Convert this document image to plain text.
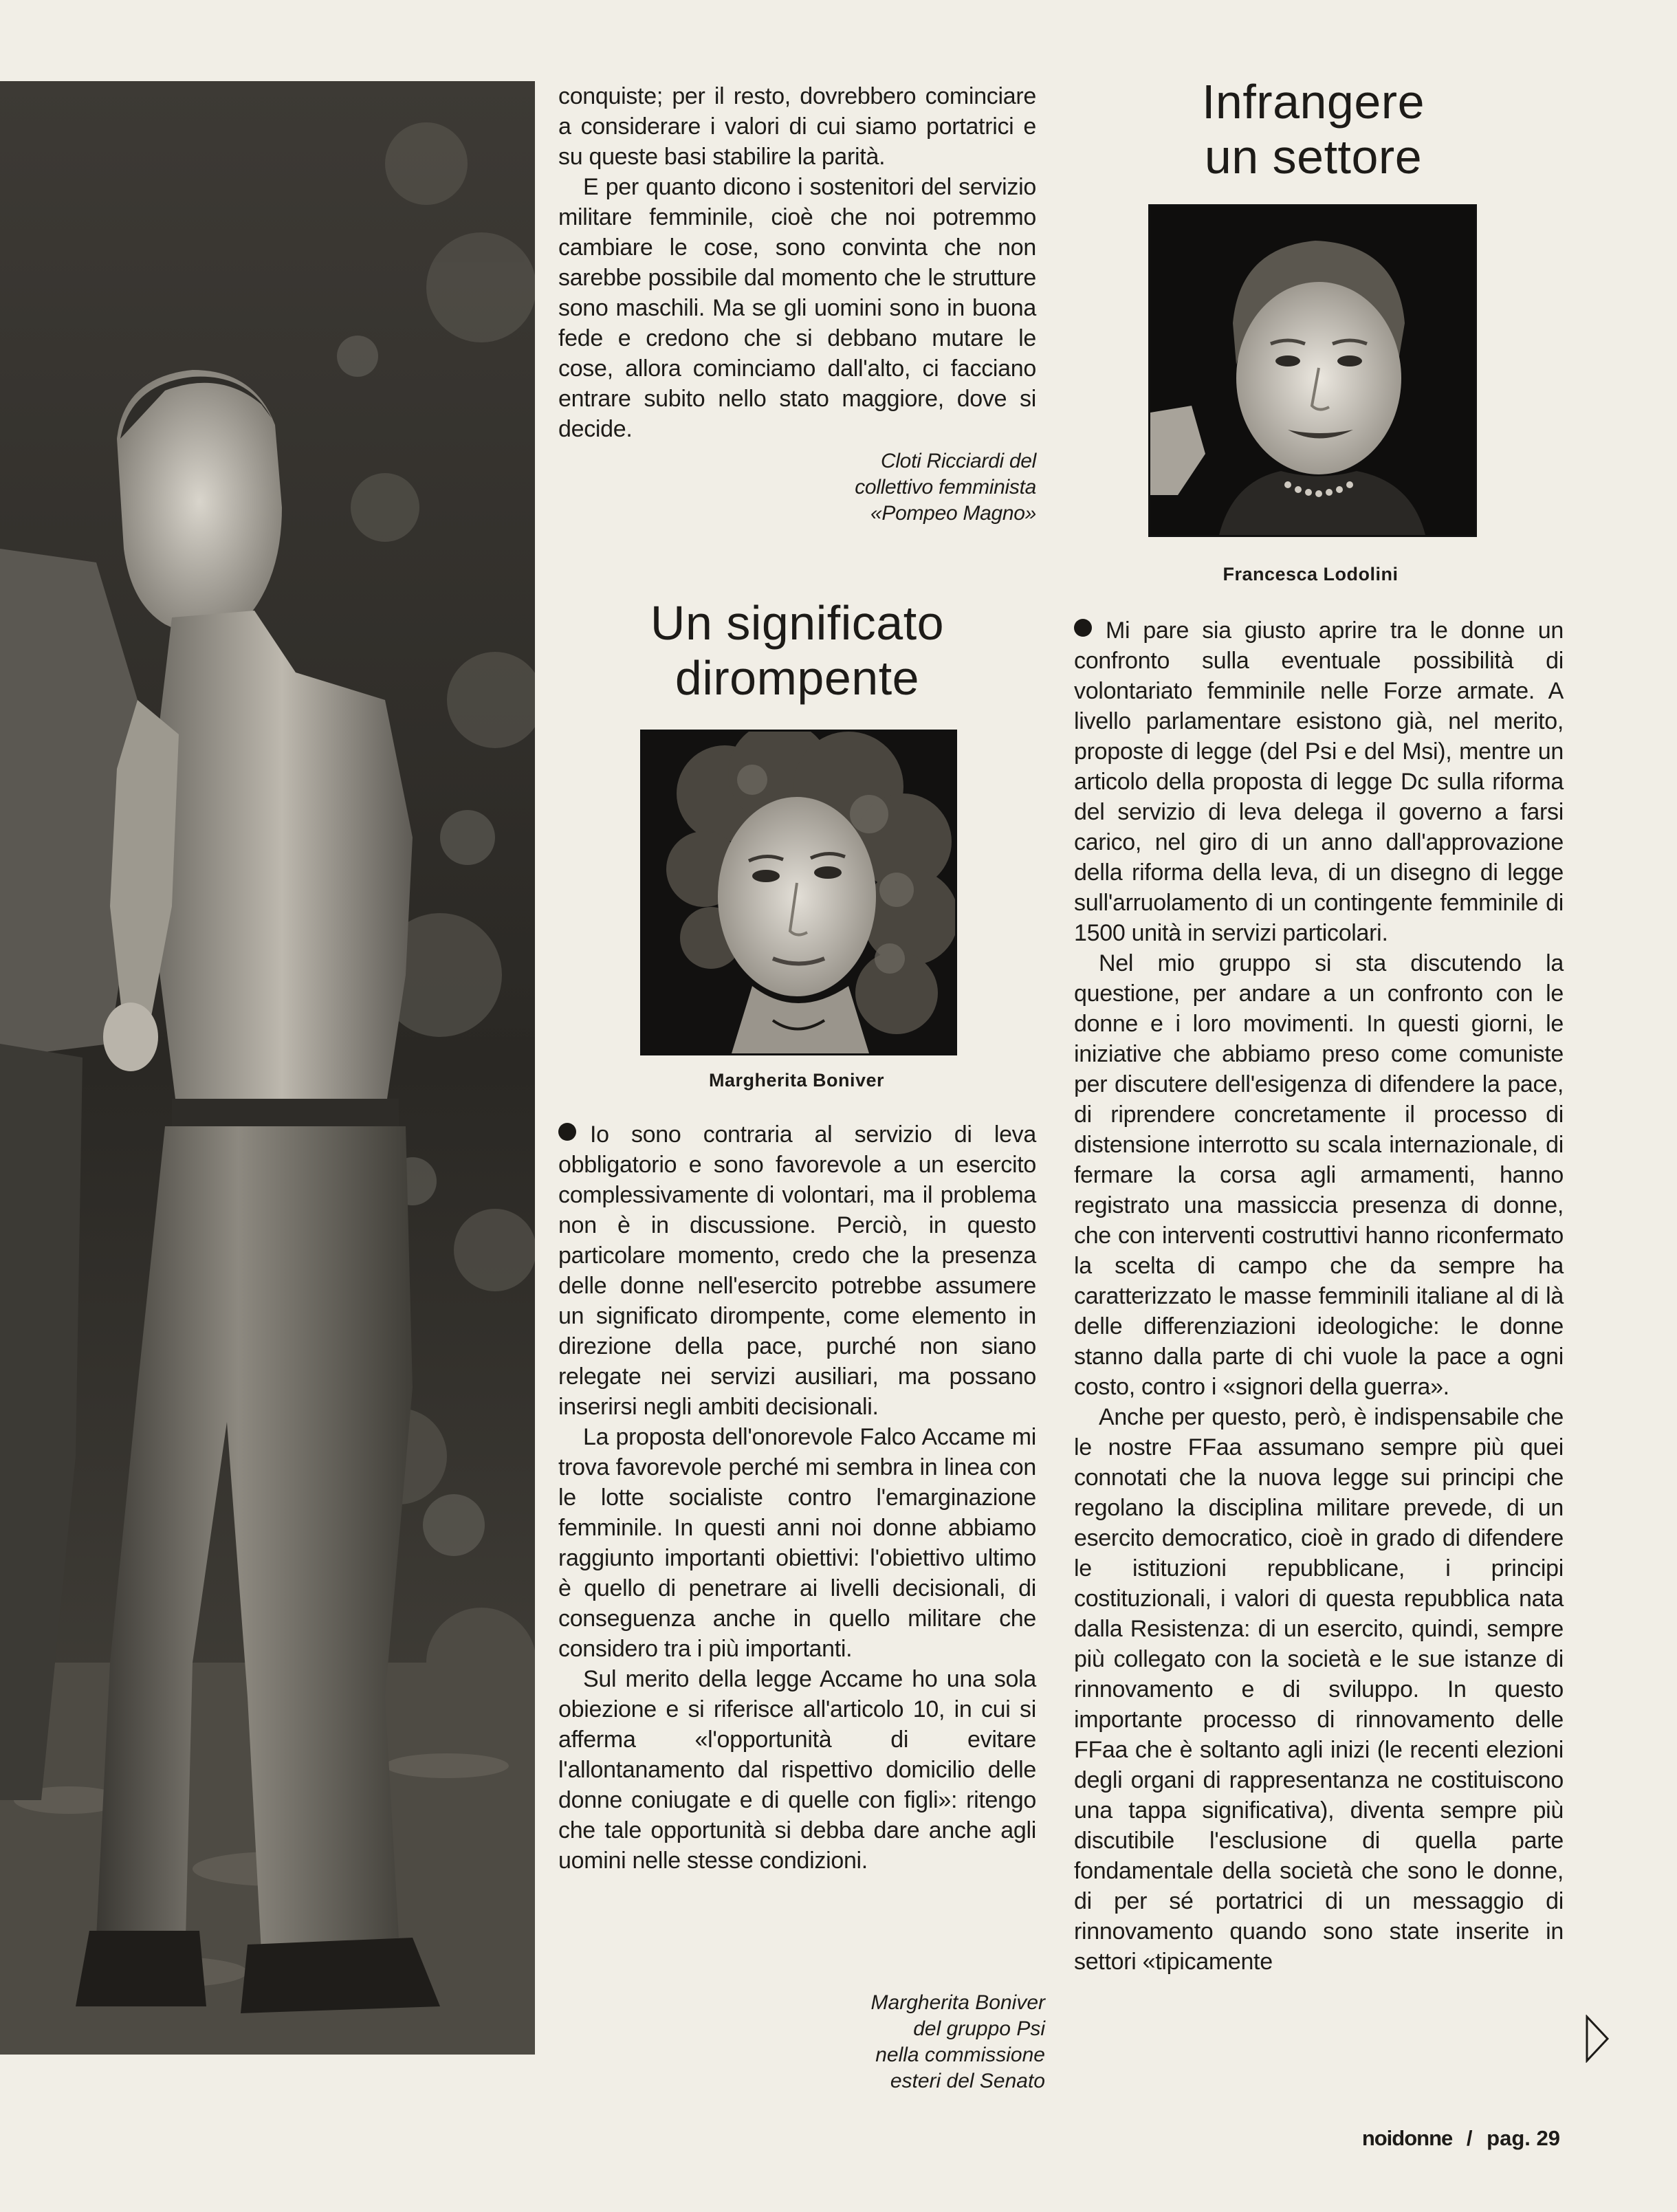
conquiste; per il resto, dovrebbero cominciare a considerare i valori di cui siamo portatrici e su queste basi stabilire la parità.

E per quanto dicono i sostenitori del servizio militare femminile, cioè che noi potremmo cambiare le cose, sono convinta che non sarebbe possibile dal momento che le strutture sono maschili. Ma se gli uomini sono in buona fede e credono che si debbano mutare le cose, allora cominciamo dall'alto, ci facciano entrare subito nello stato maggiore, dove si decide.

Cloti Ricciardi del
collettivo femminista
«Pompeo Magno»
Un significato
dirompente
Margherita Boniver

Io sono contraria al servizio di leva obbligatorio e sono favorevole a un esercito complessivamente di volontari, ma il problema non è in discussione. Perciò, in questo particolare momento, credo che la presenza delle donne nell'esercito potrebbe assumere un significato dirompente, come elemento in direzione della pace, purché non siano relegate nei servizi ausiliari, ma possano inserirsi negli ambiti decisionali.

La proposta dell'onorevole Falco Accame mi trova favorevole perché mi sembra in linea con le lotte socialiste contro l'emarginazione femminile. In questi anni noi donne abbiamo raggiunto importanti obiettivi: l'obiettivo ultimo è quello di penetrare ai livelli decisionali, di conseguenza anche in quello militare che considero tra i più importanti.

Sul merito della legge Accame ho una sola obiezione e si riferisce all'articolo 10, in cui si afferma «l'opportunità di evitare l'allontanamento dal rispettivo domicilio delle donne coniugate e di quelle con figli»: ritengo che tale opportunità si debba dare anche agli uomini nelle stesse condizioni.

Margherita Boniver
del gruppo Psi
nella commissione
esteri del Senato
Infrangere
un settore
Francesca Lodolini

Mi pare sia giusto aprire tra le donne un confronto sulla eventuale possibilità di volontariato femminile nelle Forze armate. A livello parlamentare esistono già, nel merito, proposte di legge (del Psi e del Msi), mentre un articolo della proposta di legge Dc sulla riforma del servizio di leva delega il governo a farsi carico, nel giro di un anno dall'approvazione della riforma della leva, di un disegno di legge sull'arruolamento di un contingente femminile di 1500 unità in servizi particolari.

Nel mio gruppo si sta discutendo la questione, per andare a un confronto con le donne e i loro movimenti. In questi giorni, le iniziative che abbiamo preso come comuniste per discutere dell'esigenza di difendere la pace, di riprendere concretamente il processo di distensione interrotto su scala internazionale, di fermare la corsa agli armamenti, hanno registrato una massiccia presenza di donne, che con interventi costruttivi hanno riconfermato la scelta di campo che da sempre ha caratterizzato le masse femminili italiane al di là delle differenziazioni ideologiche: le donne stanno dalla parte di chi vuole la pace a ogni costo, contro i «signori della guerra».

Anche per questo, però, è indispensabile che le nostre FFaa assumano sempre più quei connotati che la nuova legge sui principi che regolano la disciplina militare prevede, di un esercito democratico, cioè in grado di difendere le istituzioni repubblicane, i principi costituzionali, i valori di questa repubblica nata dalla Resistenza: di un esercito, quindi, sempre più collegato con la società e le sue istanze di rinnovamento e di sviluppo. In questo importante processo di rinnovamento delle FFaa che è soltanto agli inizi (le recenti elezioni degli organi di rappresentanza ne costituiscono una tappa significativa), diventa sempre più discutibile l'esclusione di quella parte fondamentale della società che sono le donne, di per sé portatrici di un messaggio di rinnovamento quando sono state inserite in settori «tipicamente

noidonne / pag. 29
